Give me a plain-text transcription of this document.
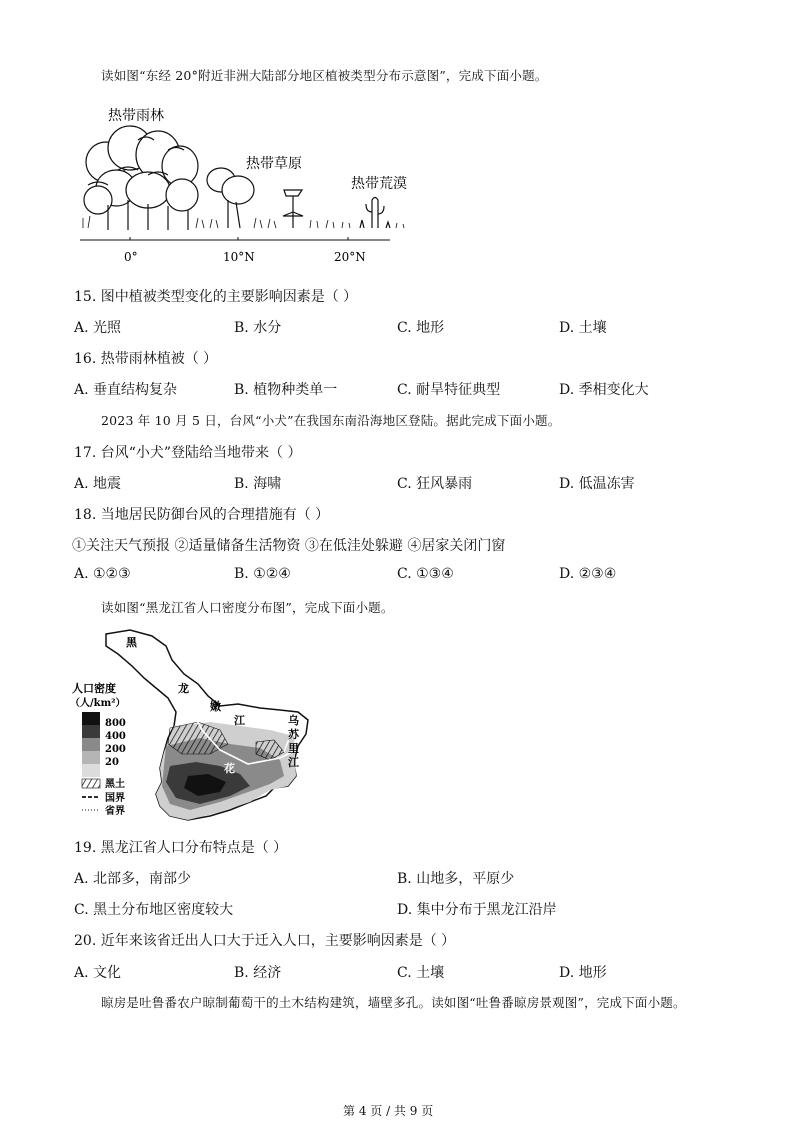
读如图“东经 20°附近非洲大陆部分地区植被类型分布示意图”，完成下面小题。
热带雨林
热带草原
热带荒漠
0°	10°N	20°N
15. 图中植被类型变化的主要影响因素是（ ）
A. 光照	B. 水分	C. 地形	D. 土壤
16. 热带雨林植被（ ）
A. 垂直结构复杂	B. 植物种类单一	C. 耐旱特征典型	D. 季相变化大
2023 年 10 月 5 日，台风“小犬”在我国东南沿海地区登陆。据此完成下面小题。
17. 台风“小犬”登陆给当地带来（ ）
A. 地震	B. 海啸	C. 狂风暴雨	D. 低温冻害
18. 当地居民防御台风的合理措施有（ ）
①关注天气预报 ②适量储备生活物资 ③在低洼处躲避 ④居家关闭门窗
A. ①②③	B. ①②④	C. ①③④	D. ②③④
读如图“黑龙江省人口密度分布图”，完成下面小题。
黑
龙
嫩
江
花
乌
苏
里
江
人口密度
（人/km²）
800
400
200
20
黑土
国界
省界
19. 黑龙江省人口分布特点是（ ）
A. 北部多，南部少	B. 山地多，平原少
C. 黑土分布地区密度较大	D. 集中分布于黑龙江沿岸
20. 近年来该省迁出人口大于迁入人口，主要影响因素是（ ）
A. 文化	B. 经济	C. 土壤	D. 地形
晾房是吐鲁番农户晾制葡萄干的土木结构建筑，墙壁多孔。读如图“吐鲁番晾房景观图”，完成下面小题。
第 4 页 / 共 9 页
